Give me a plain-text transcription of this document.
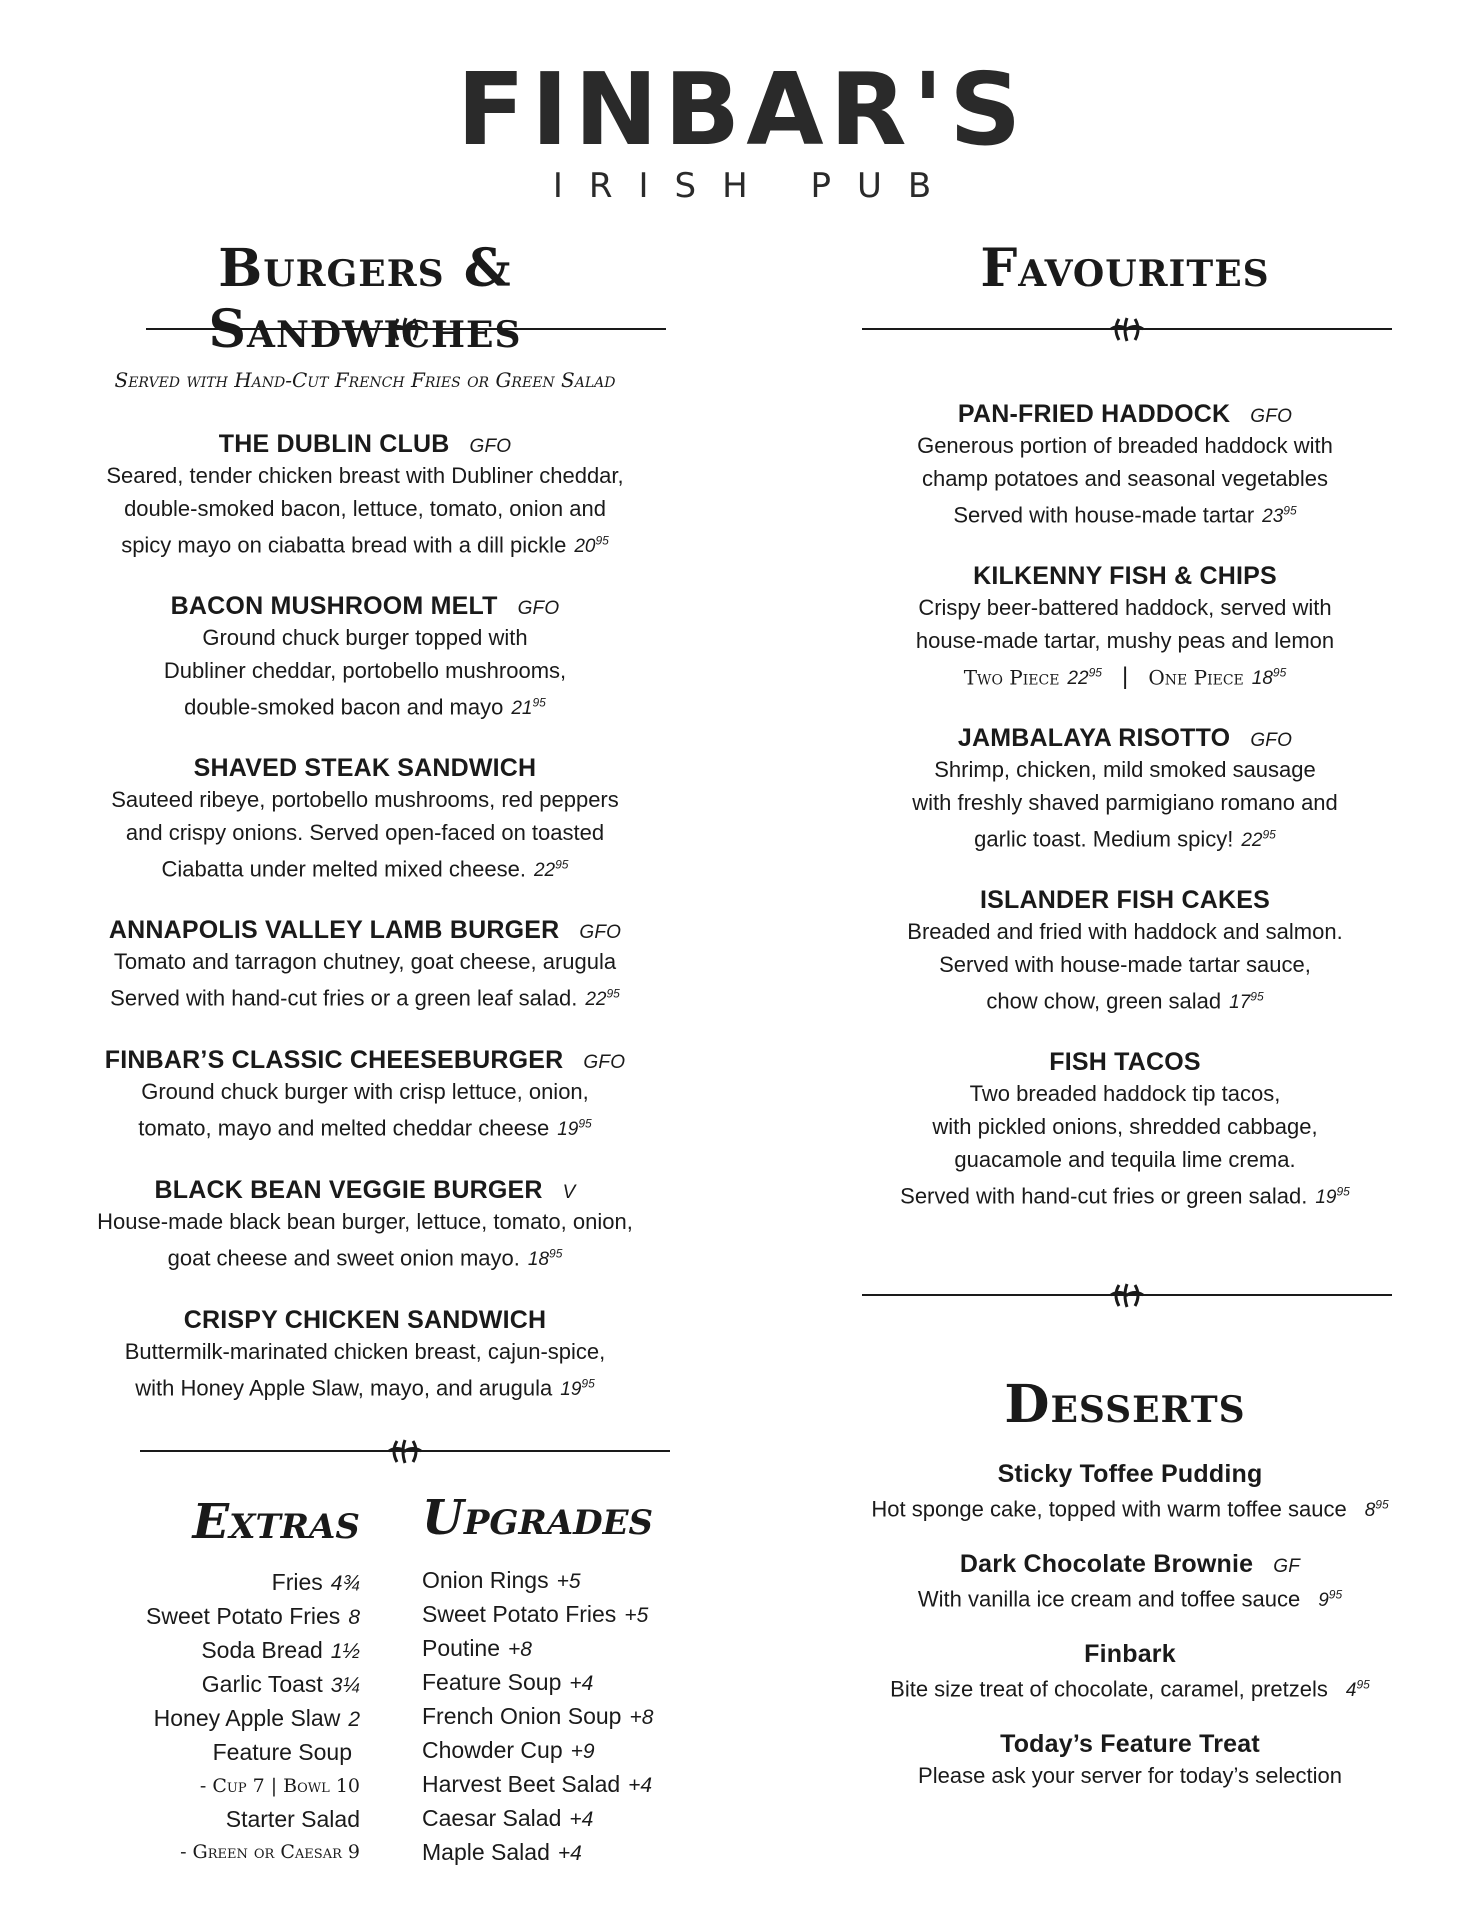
FINBAR'S
IRISH PUB
Burgers & Sandwiches
Served with Hand-Cut French Fries or Green Salad
THE DUBLIN CLUB GFO
Seared, tender chicken breast with Dubliner cheddar,
double-smoked bacon, lettuce, tomato, onion and
spicy mayo on ciabatta bread with a dill pickle $20^{95}$
BACON MUSHROOM MELT GFO
Ground chuck burger topped with
Dubliner cheddar, portobello mushrooms,
double-smoked bacon and mayo $21^{95}$
SHAVED STEAK SANDWICH
Sauteed ribeye, portobello mushrooms, red peppers
and crispy onions. Served open-faced on toasted
Ciabatta under melted mixed cheese. $22^{95}$
ANNAPOLIS VALLEY LAMB BURGER GFO
Tomato and tarragon chutney, goat cheese, arugula
Served with hand-cut fries or a green leaf salad. $22^{95}$
FINBAR’S CLASSIC CHEESEBURGER GFO
Ground chuck burger with crisp lettuce, onion,
tomato, mayo and melted cheddar cheese $19^{95}$
BLACK BEAN VEGGIE BURGER V
House-made black bean burger, lettuce, tomato, onion,
goat cheese and sweet onion mayo. $18^{95}$
CRISPY CHICKEN SANDWICH
Buttermilk-marinated chicken breast, cajun-spice,
with Honey Apple Slaw, mayo, and arugula $19^{95}$
Extras
Fries 4¾
Sweet Potato Fries 8
Soda Bread 1½
Garlic Toast 3¼
Honey Apple Slaw 2
Feature Soup
- Cup 7 | Bowl 10
Starter Salad
- Green or Caesar 9
Upgrades
Onion Rings +5
Sweet Potato Fries +5
Poutine +8
Feature Soup +4
French Onion Soup +8
Chowder Cup +9
Harvest Beet Salad +4
Caesar Salad +4
Maple Salad +4
Favourites
PAN-FRIED HADDOCK GFO
Generous portion of breaded haddock with
champ potatoes and seasonal vegetables
Served with house-made tartar $23^{95}$
KILKENNY FISH & CHIPS
Crispy beer-battered haddock, served with
house-made tartar, mushy peas and lemon
Two Piece $22^{95}$ | One Piece $18^{95}$
JAMBALAYA RISOTTO GFO
Shrimp, chicken, mild smoked sausage
with freshly shaved parmigiano romano and
garlic toast. Medium spicy! $22^{95}$
ISLANDER FISH CAKES
Breaded and fried with haddock and salmon.
Served with house-made tartar sauce,
chow chow, green salad $17^{95}$
FISH TACOS
Two breaded haddock tip tacos,
with pickled onions, shredded cabbage,
guacamole and tequila lime crema.
Served with hand-cut fries or green salad. $19^{95}$
Desserts
Sticky Toffee Pudding
Hot sponge cake, topped with warm toffee sauce $8^{95}$
Dark Chocolate Brownie GF
With vanilla ice cream and toffee sauce $9^{95}$
Finbark
Bite size treat of chocolate, caramel, pretzels $4^{95}$
Today’s Feature Treat
Please ask your server for today’s selection
